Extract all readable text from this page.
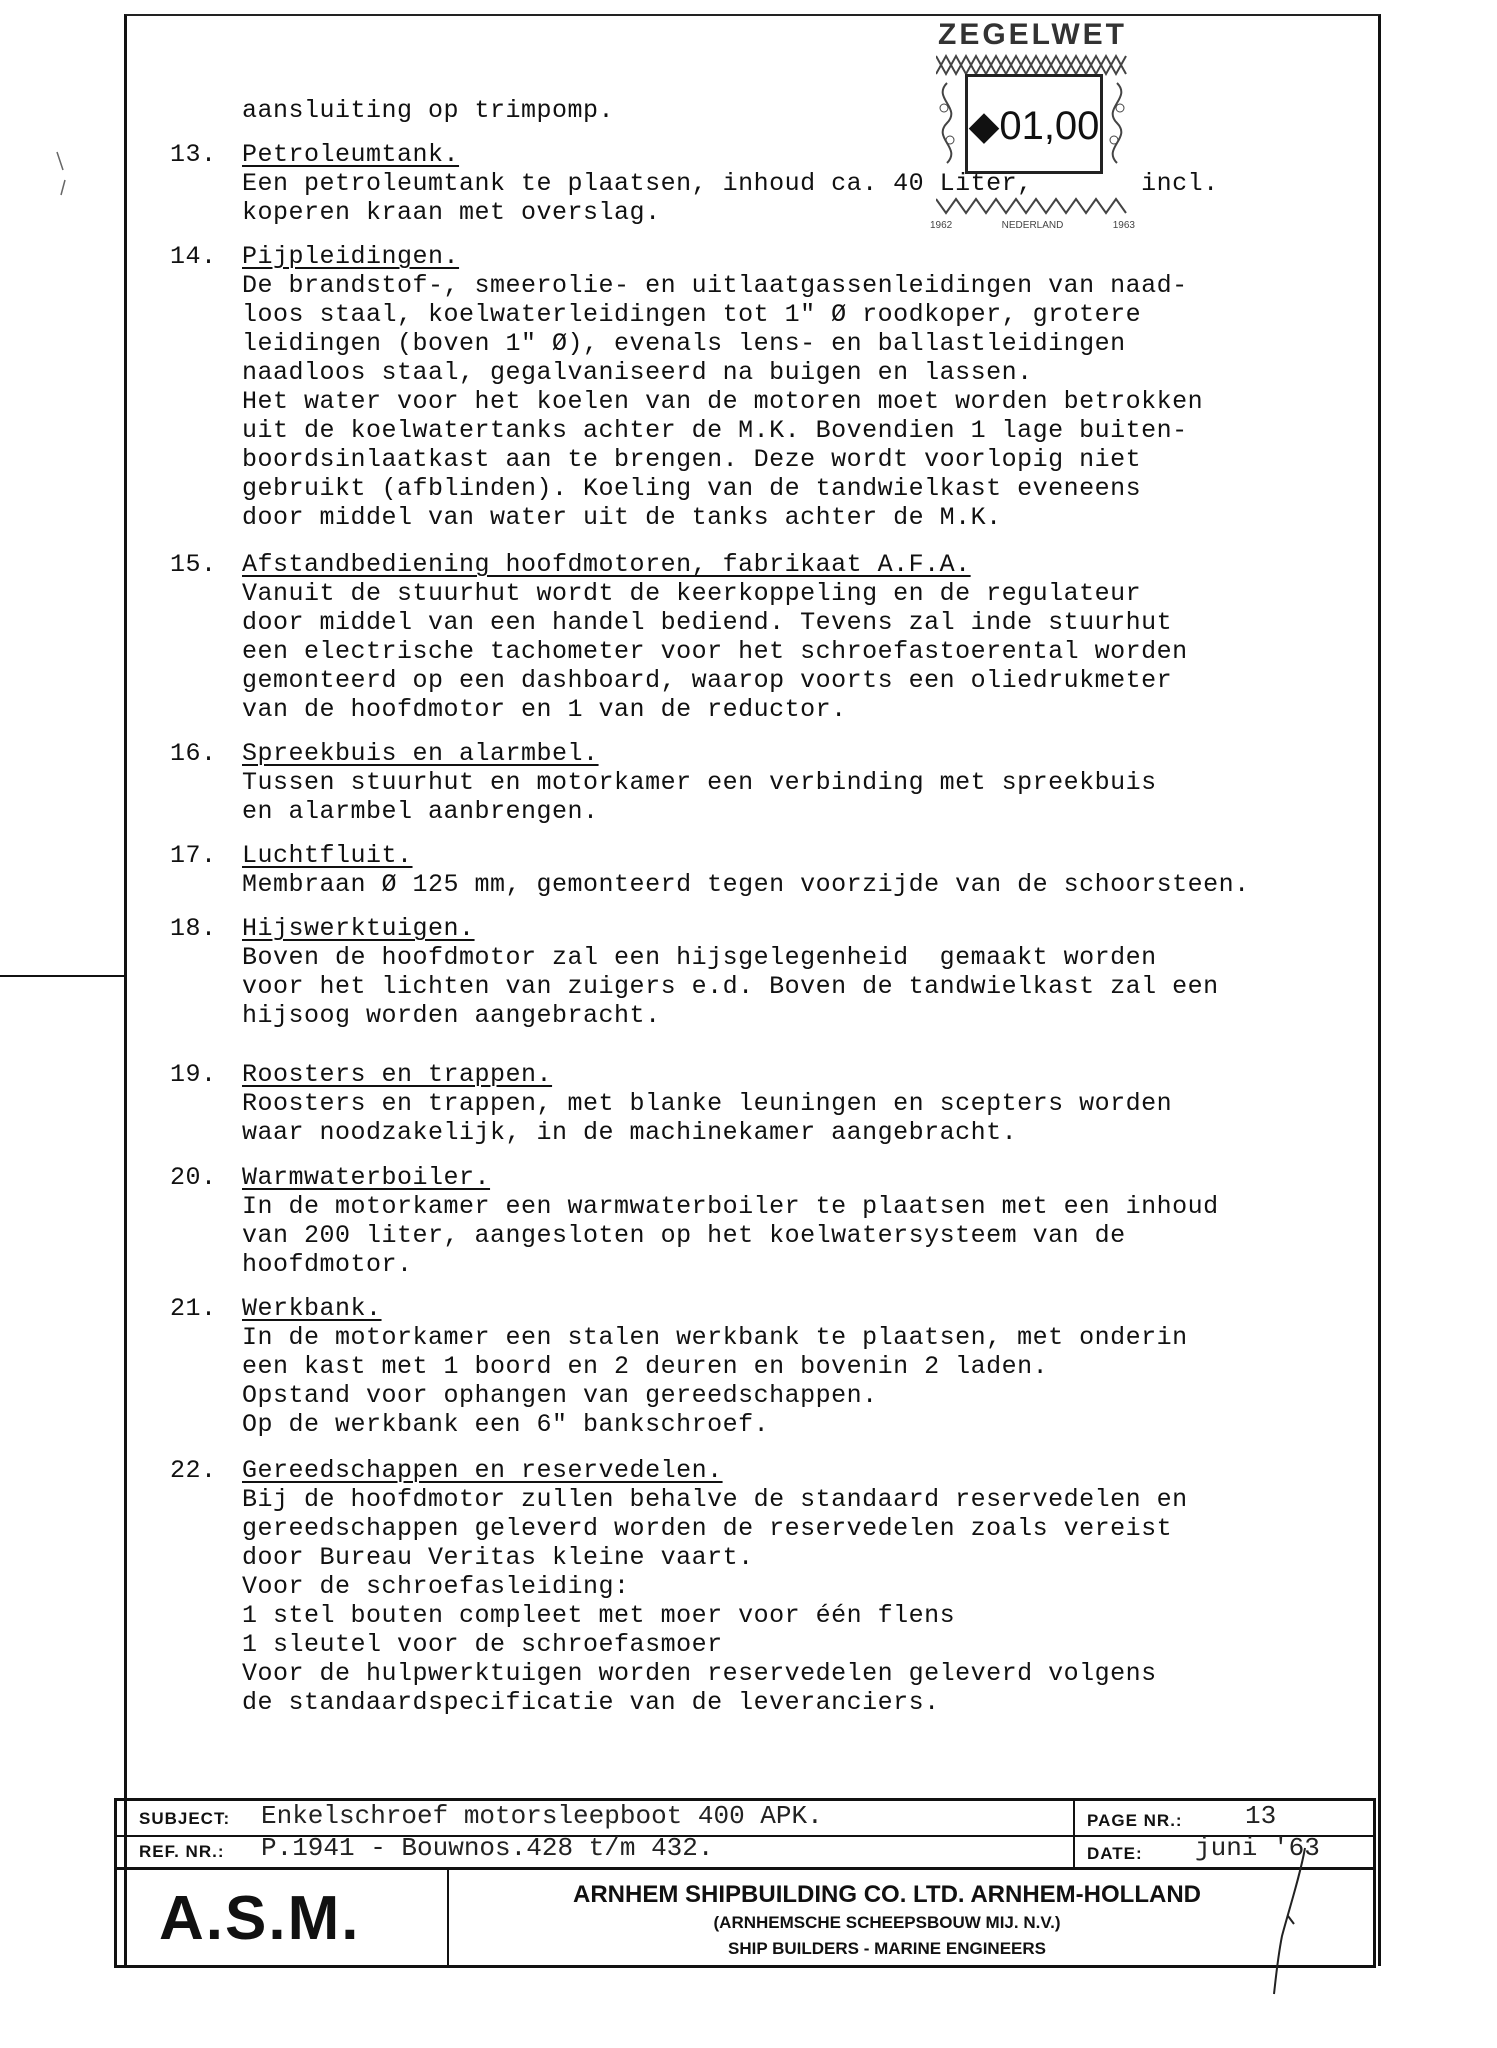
ZEGELWET
◆01,00
1962	NEDERLAND	1963
aansluiting op trimpomp.
13.	Petroleumtank.
Een petroleumtank te plaatsen, inhoud ca. 40 Liter,       incl.
koperen kraan met overslag.
14.	Pijpleidingen.
De brandstof-, smeerolie- en uitlaatgassenleidingen van naad-
loos staal, koelwaterleidingen tot 1" Ø roodkoper, grotere
leidingen (boven 1" Ø), evenals lens- en ballastleidingen
naadloos staal, gegalvaniseerd na buigen en lassen.
Het water voor het koelen van de motoren moet worden betrokken
uit de koelwatertanks achter de M.K. Bovendien 1 lage buiten-
boordsinlaatkast aan te brengen. Deze wordt voorlopig niet
gebruikt (afblinden). Koeling van de tandwielkast eveneens
door middel van water uit de tanks achter de M.K.
15.	Afstandbediening hoofdmotoren, fabrikaat A.F.A.
Vanuit de stuurhut wordt de keerkoppeling en de regulateur
door middel van een handel bediend. Tevens zal inde stuurhut
een electrische tachometer voor het schroefastoerental worden
gemonteerd op een dashboard, waarop voorts een oliedrukmeter
van de hoofdmotor en 1 van de reductor.
16.	Spreekbuis en alarmbel.
Tussen stuurhut en motorkamer een verbinding met spreekbuis
en alarmbel aanbrengen.
17.	Luchtfluit.
Membraan Ø 125 mm, gemonteerd tegen voorzijde van de schoorsteen.
18.	Hijswerktuigen.
Boven de hoofdmotor zal een hijsgelegenheid  gemaakt worden
voor het lichten van zuigers e.d. Boven de tandwielkast zal een
hijsoog worden aangebracht.
19.	Roosters en trappen.
Roosters en trappen, met blanke leuningen en scepters worden
waar noodzakelijk, in de machinekamer aangebracht.
20.	Warmwaterboiler.
In de motorkamer een warmwaterboiler te plaatsen met een inhoud
van 200 liter, aangesloten op het koelwatersysteem van de
hoofdmotor.
21.	Werkbank.
In de motorkamer een stalen werkbank te plaatsen, met onderin
een kast met 1 boord en 2 deuren en bovenin 2 laden.
Opstand voor ophangen van gereedschappen.
Op de werkbank een 6" bankschroef.
22.	Gereedschappen en reservedelen.
Bij de hoofdmotor zullen behalve de standaard reservedelen en
gereedschappen geleverd worden de reservedelen zoals vereist
door Bureau Veritas kleine vaart.
Voor de schroefasleiding:
1 stel bouten compleet met moer voor één flens
1 sleutel voor de schroefasmoer
Voor de hulpwerktuigen worden reservedelen geleverd volgens
de standaardspecificatie van de leveranciers.
SUBJECT: Enkelschroef motorsleepboot 400 APK.	PAGE NR.: 13
REF. NR.: P.1941 - Bouwnos.428 t/m 432.	DATE: juni '63
A.S.M.	ARNHEM SHIPBUILDING CO. LTD. ARNHEM-HOLLAND
(ARNHEMSCHE SCHEEPSBOUW MIJ. N.V.)
SHIP BUILDERS - MARINE ENGINEERS
